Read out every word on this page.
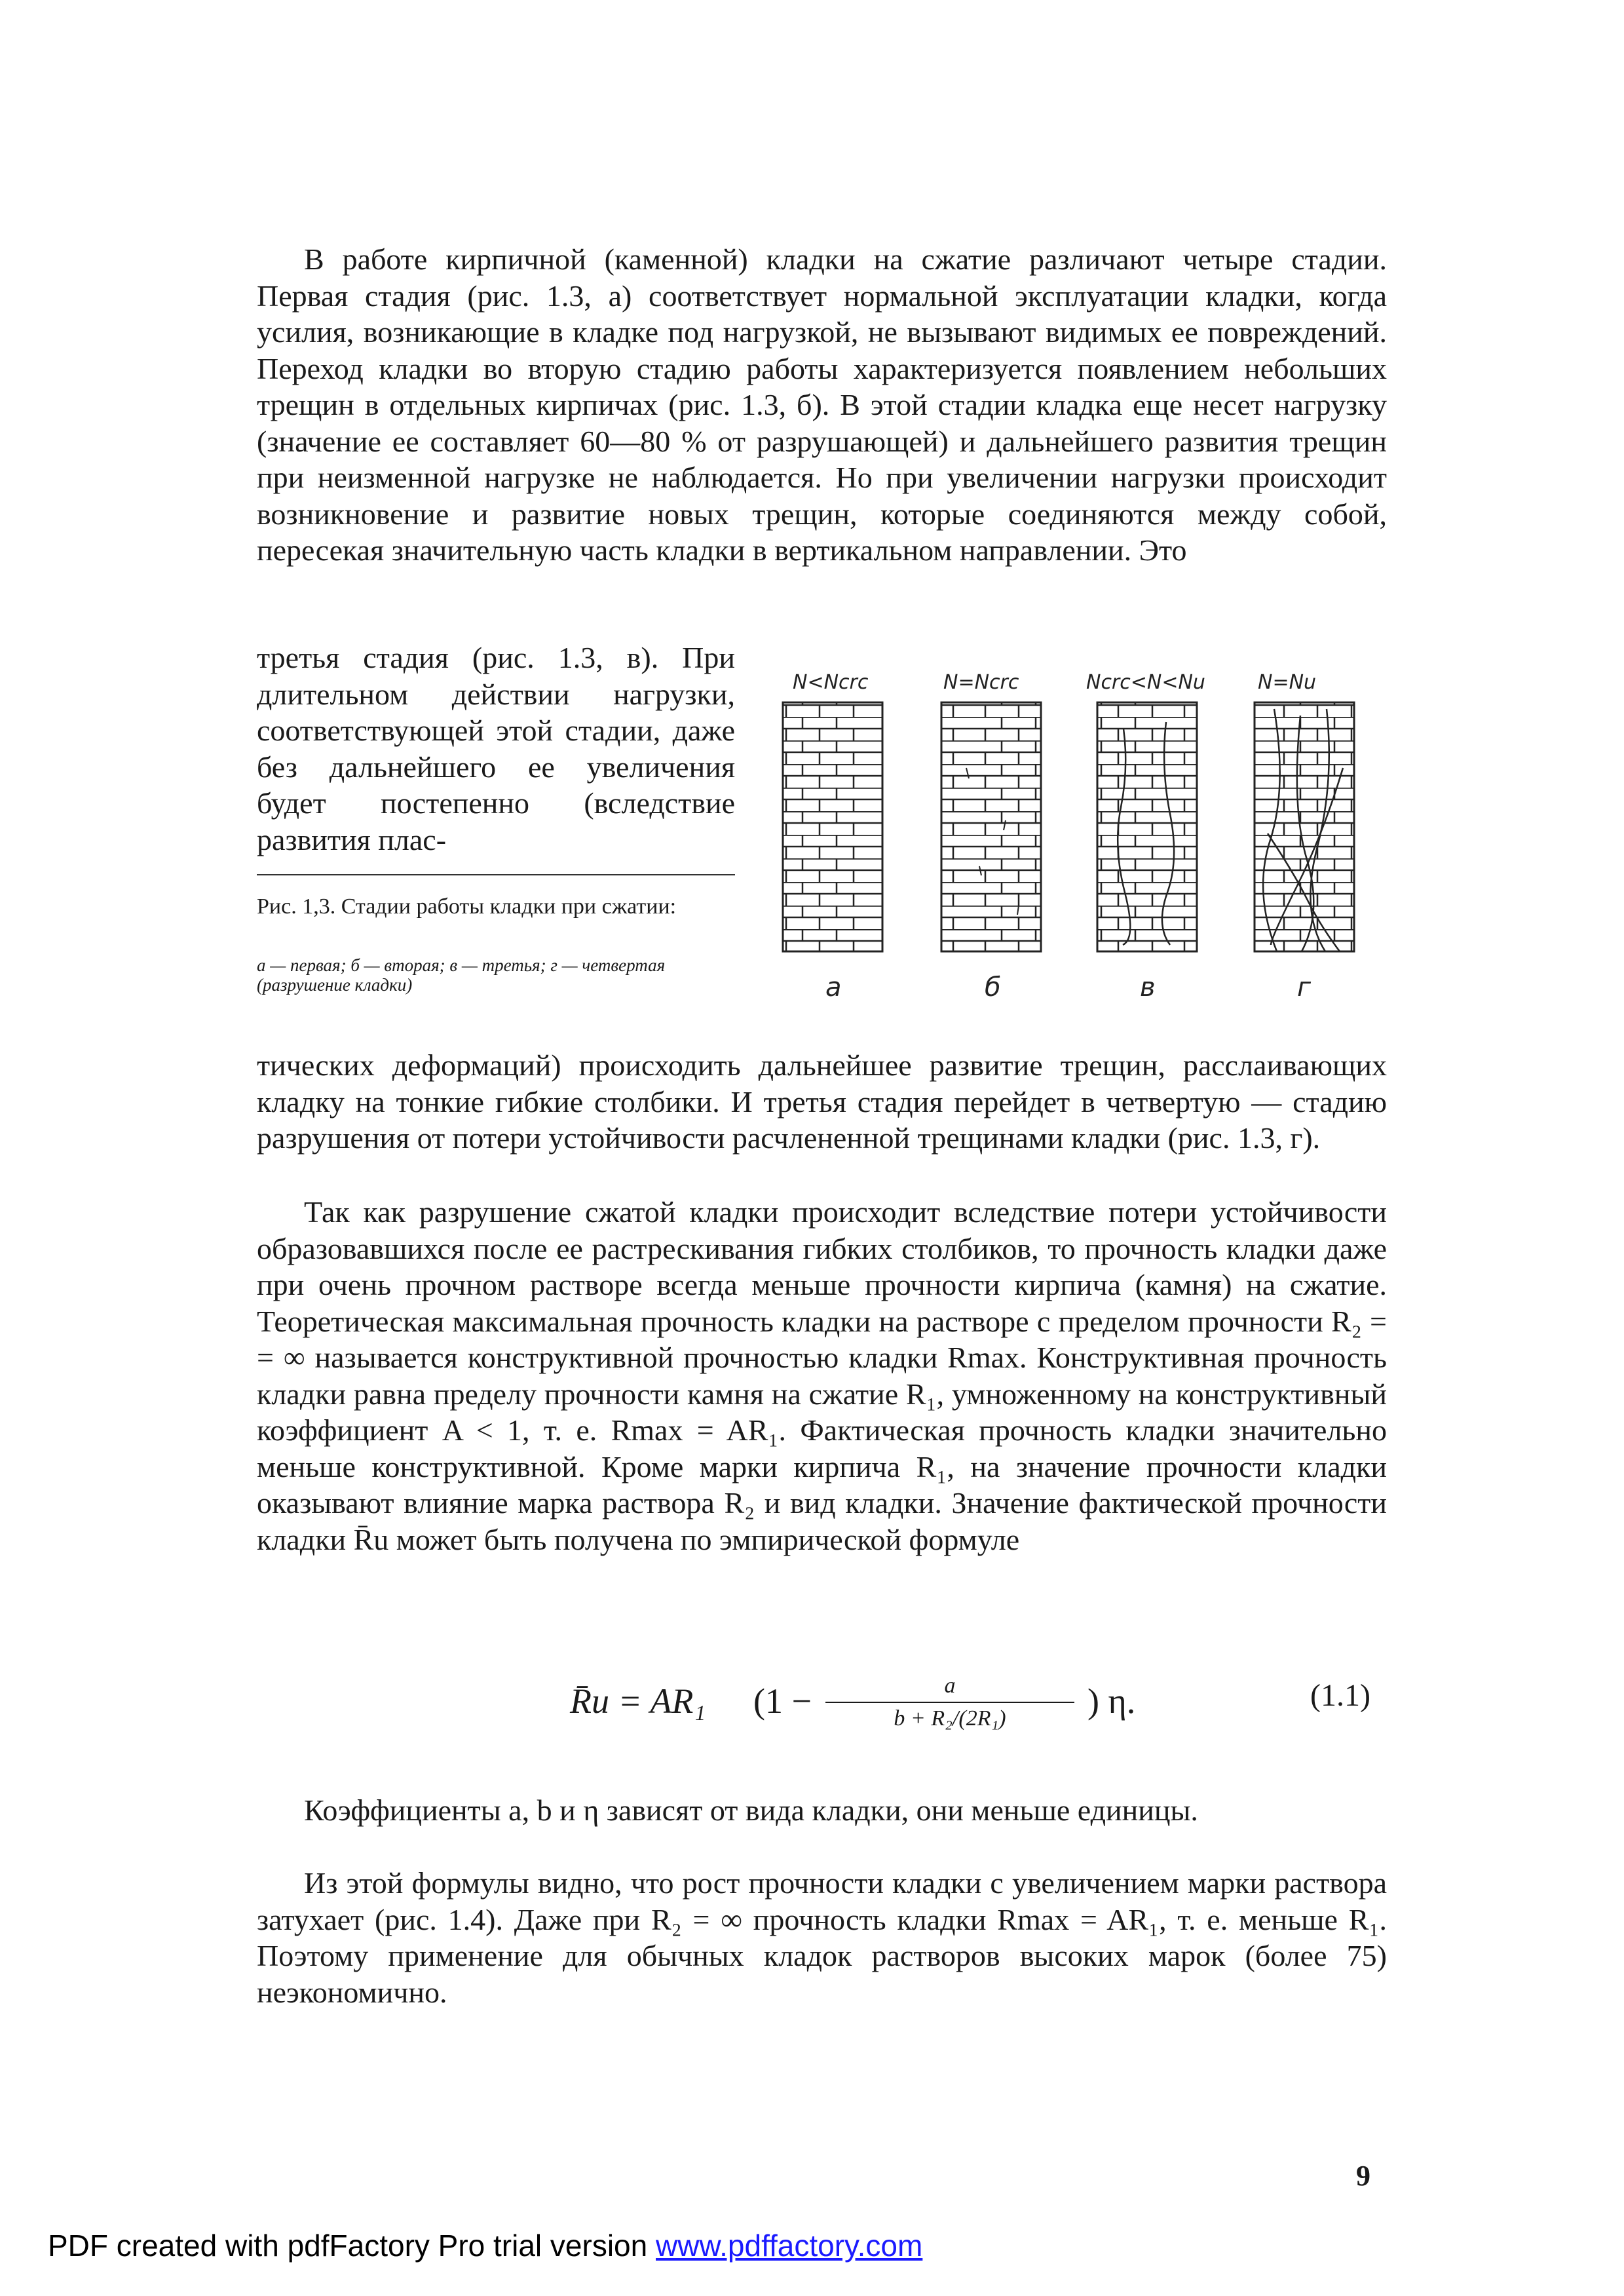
В работе кирпичной (каменной) кладки на сжатие различают четыре стадии. Первая стадия (рис. 1.3, а) соответствует нормальной эксплуатации кладки, когда усилия, возникающие в кладке под нагрузкой, не вызывают видимых ее повреждений. Переход кладки во вторую стадию работы характеризуется появлением небольших трещин в отдельных кирпичах (рис. 1.3, б). В этой стадии кладка еще несет нагрузку (значение ее составляет 60—80 % от разрушающей) и дальнейшего развития трещин при неизменной нагрузке не наблюдается. Но при увеличении нагрузки происходит возникновение и развитие новых трещин, которые соединяются между собой, пересекая значительную часть кладки в вертикальном направлении. Это

третья стадия (рис. 1.3, в). При длительном действии нагрузки, соответствующей этой стадии, даже без дальнейшего ее увеличения будет постепенно (вследствие развития плас-

Рис. 1,3. Стадии работы кладки при сжатии:

а — первая; б — вторая; в — третья; г — четвертая (разрушение кладки)

N<Ncrc	N=Ncrc	Ncrc<N<Nu	N=Nu
а	б	в	г

тических деформаций) происходить дальнейшее развитие трещин, расслаивающих кладку на тонкие гибкие столбики. И третья стадия перейдет в четвертую — стадию разрушения от потери устойчивости расчлененной трещинами кладки (рис. 1.3, г).

Так как разрушение сжатой кладки происходит вследствие потери устойчивости образовавшихся после ее растрескивания гибких столбиков, то прочность кладки даже при очень прочном растворе всегда меньше прочности кирпича (камня) на сжатие. Теоретическая максимальная прочность кладки на растворе с пределом прочности R₂ = = ∞ называется конструктивной прочностью кладки Rmax. Конструктивная прочность кладки равна пределу прочности камня на сжатие R₁, умноженному на конструктивный коэффициент A < 1, т. е. Rmax = AR₁. Фактическая прочность кладки значительно меньше конструктивной. Кроме марки кирпича R₁, на значение прочности кладки оказывают влияние марка раствора R₂ и вид кладки. Значение фактической прочности кладки R̄u может быть получена по эмпирической формуле

R̄u = AR₁ (1 −	a
b + R₂/(2R₁)	) η.	(1.1)

Коэффициенты a, b и η зависят от вида кладки, они меньше единицы.

Из этой формулы видно, что рост прочности кладки с увеличением марки раствора затухает (рис. 1.4). Даже при R₂ = ∞ прочность кладки Rmax = AR₁, т. е. меньше R₁. Поэтому применение для обычных кладок растворов высоких марок (более 75) неэкономично.

9
PDF created with pdfFactory Pro trial version www.pdffactory.com
